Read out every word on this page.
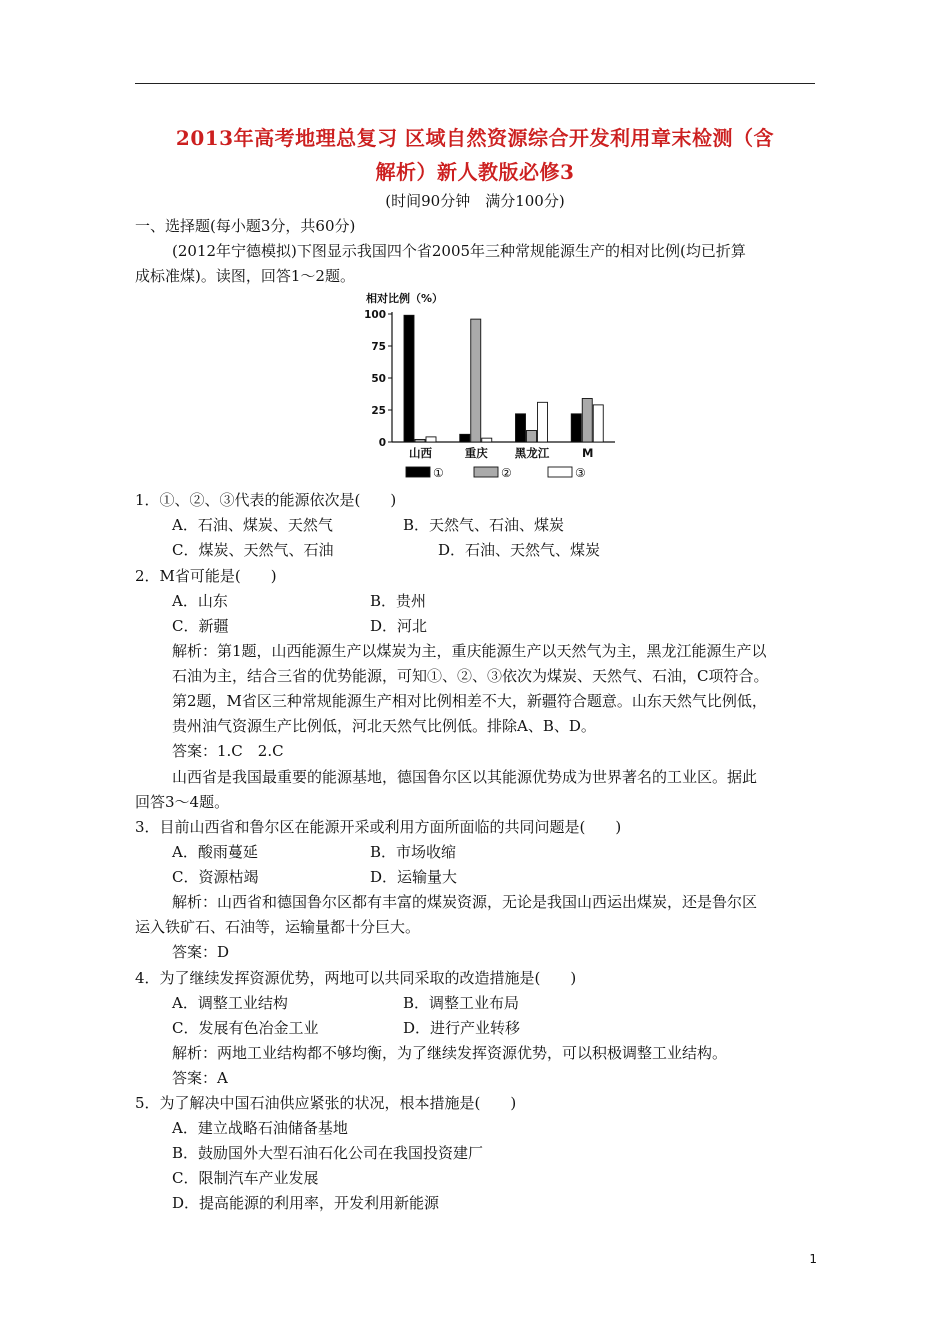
2013年高考地理总复习 区域自然资源综合开发利用章末检测（含
解析）新人教版必修3
(时间90分钟　满分100分)
一、选择题(每小题3分，共60分)
(2012年宁德模拟)下图显示我国四个省2005年三种常规能源生产的相对比例(均已折算
成标准煤)。读图，回答1～2题。
相对比例（%）
100
75
50
25
0
山西	重庆 黑龙江	M
①	②	③
1．①、②、③代表的能源依次是(　　)
A．石油、煤炭、天然气	B．天然气、石油、煤炭
C．煤炭、天然气、石油	D．石油、天然气、煤炭
2．M省可能是(　　)
A．山东	B．贵州
C．新疆	D．河北
解析：第1题，山西能源生产以煤炭为主，重庆能源生产以天然气为主，黑龙江能源生产以
石油为主，结合三省的优势能源，可知①、②、③依次为煤炭、天然气、石油，C项符合。
第2题，M省区三种常规能源生产相对比例相差不大，新疆符合题意。山东天然气比例低，
贵州油气资源生产比例低，河北天然气比例低。排除A、B、D。
答案：1.C　2.C
山西省是我国最重要的能源基地，德国鲁尔区以其能源优势成为世界著名的工业区。据此
回答3～4题。
3．目前山西省和鲁尔区在能源开采或利用方面所面临的共同问题是(　　)
A．酸雨蔓延	B．市场收缩
C．资源枯竭	D．运输量大
解析：山西省和德国鲁尔区都有丰富的煤炭资源，无论是我国山西运出煤炭，还是鲁尔区
运入铁矿石、石油等，运输量都十分巨大。
答案：D
4．为了继续发挥资源优势，两地可以共同采取的改造措施是(　　)
A．调整工业结构	B．调整工业布局
C．发展有色冶金工业	D．进行产业转移
解析：两地工业结构都不够均衡，为了继续发挥资源优势，可以积极调整工业结构。
答案：A
5．为了解决中国石油供应紧张的状况，根本措施是(　　)
A．建立战略石油储备基地
B．鼓励国外大型石油石化公司在我国投资建厂
C．限制汽车产业发展
D．提高能源的利用率，开发利用新能源
1
